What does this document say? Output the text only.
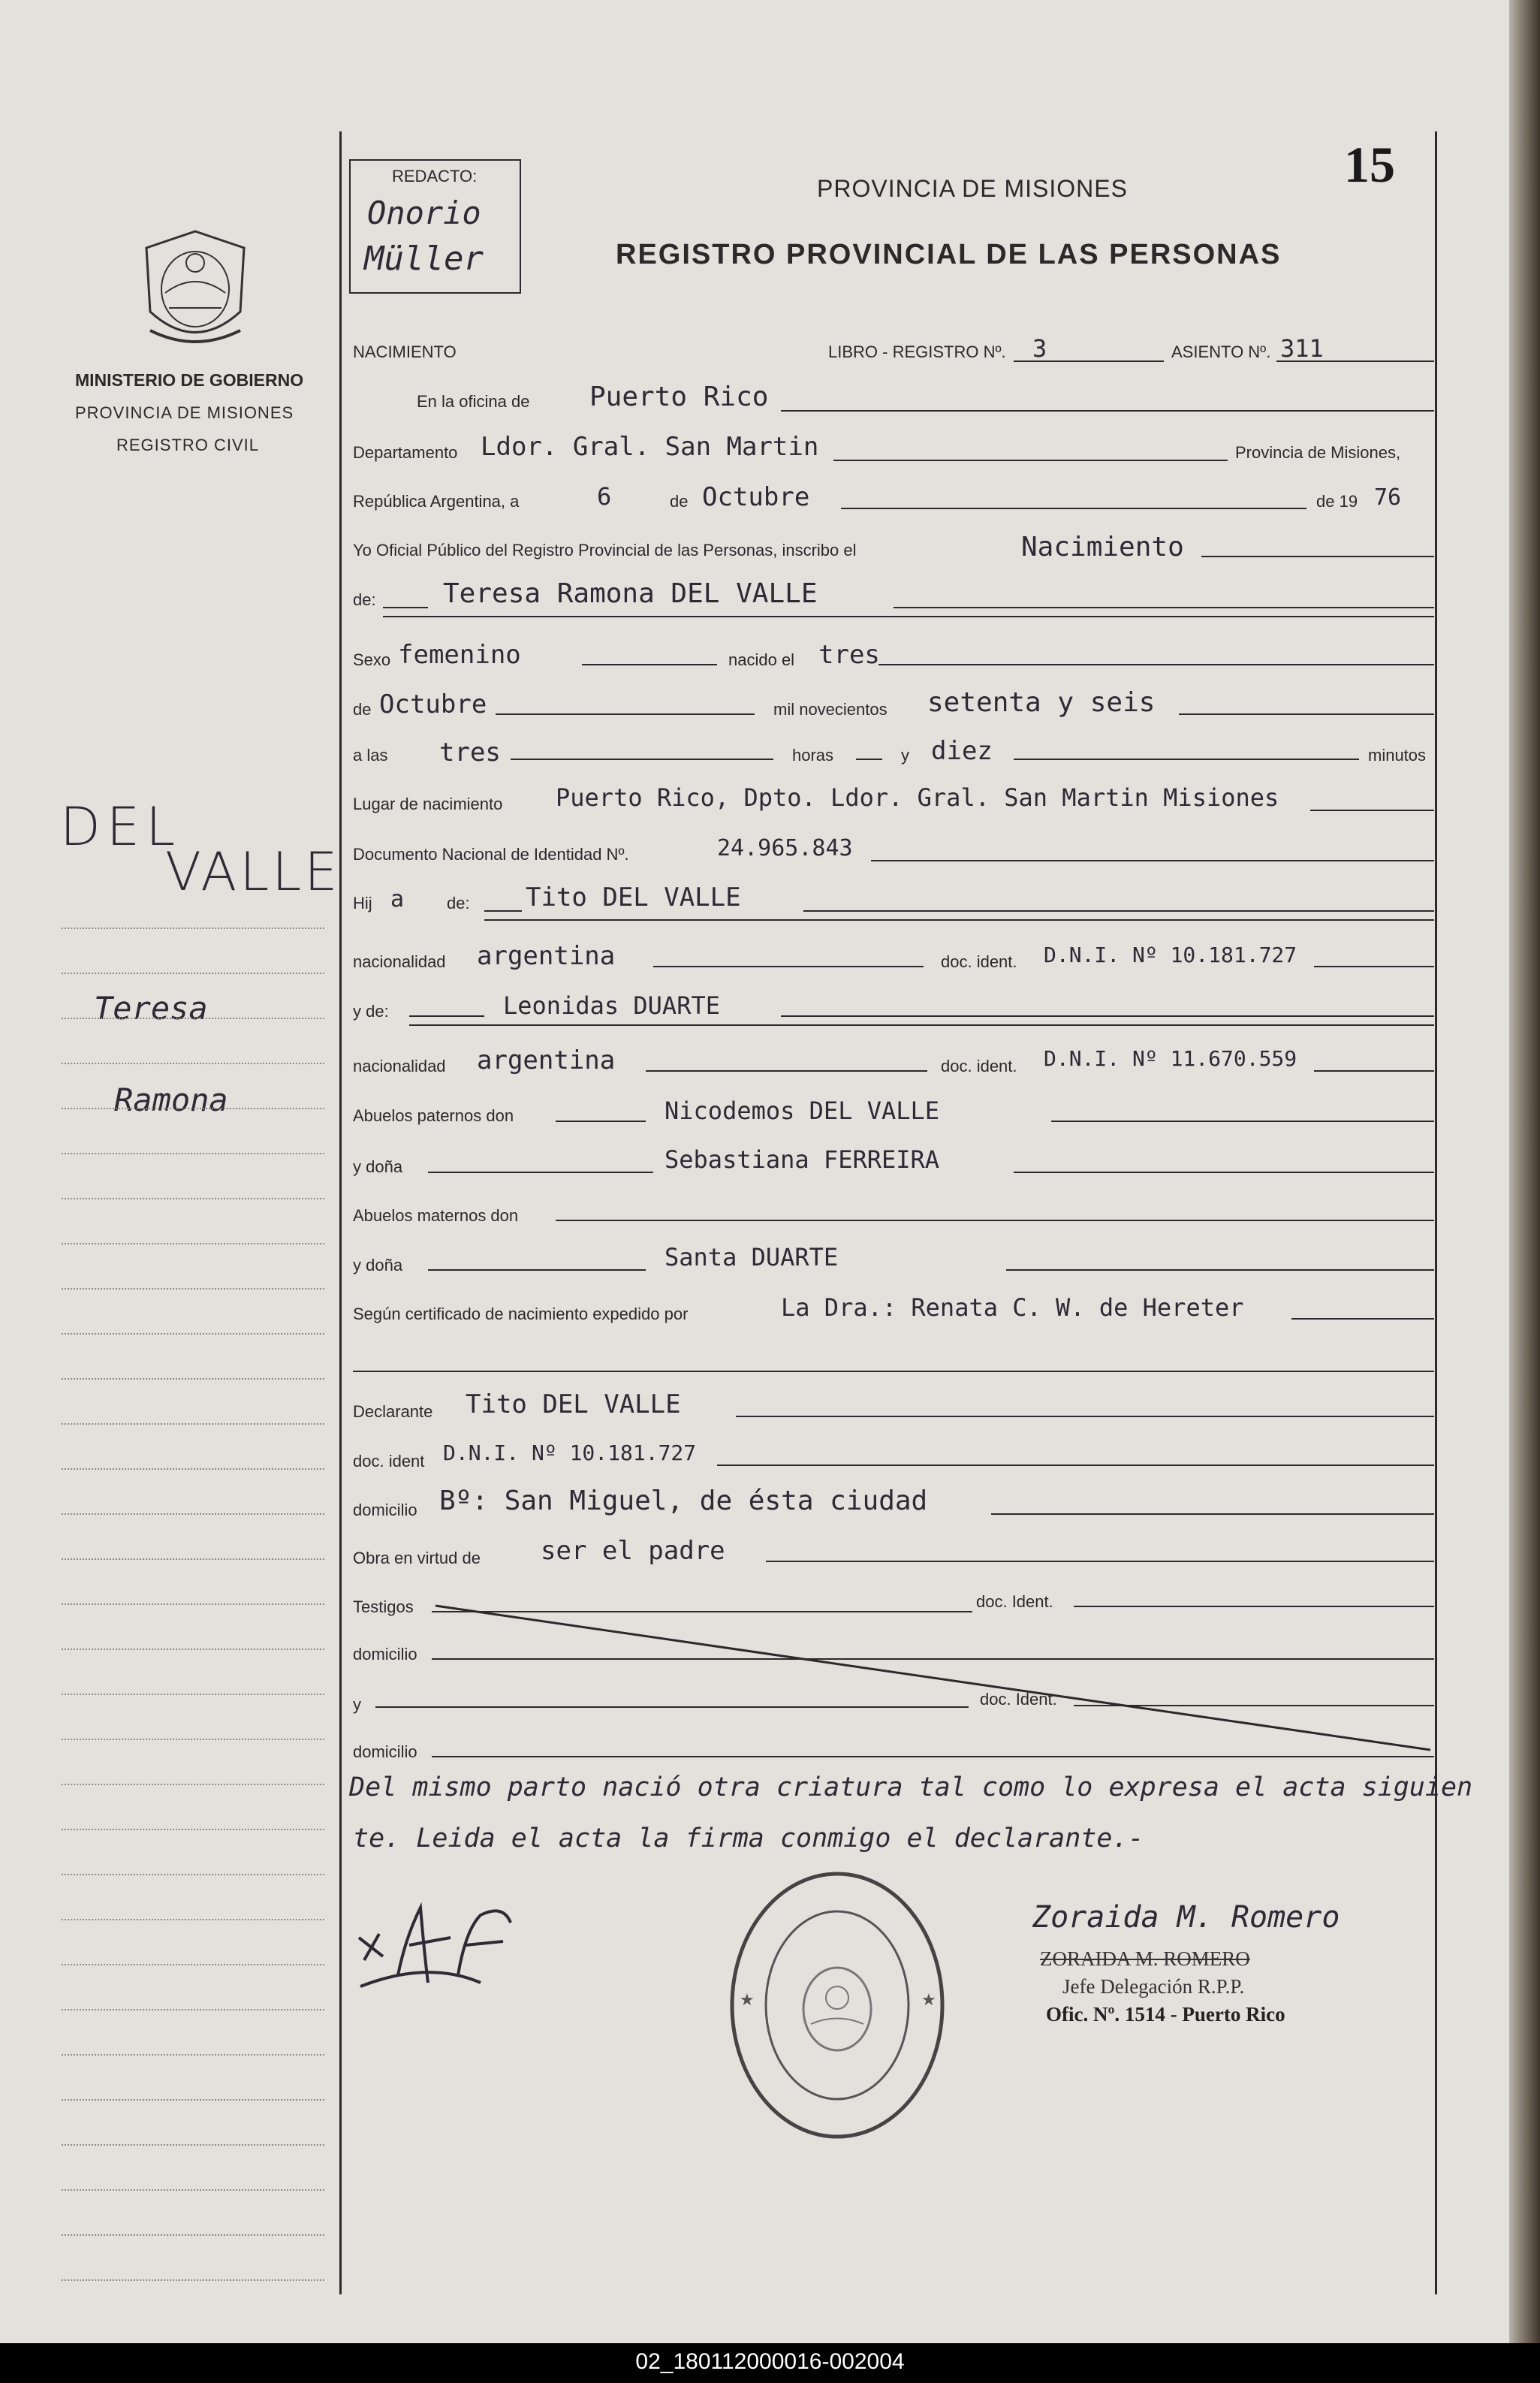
02_180112000016-002004
15
REDACTO:
Onorio
Müller
PROVINCIA DE MISIONES
REGISTRO PROVINCIAL DE LAS PERSONAS
MINISTERIO DE GOBIERNO
PROVINCIA DE MISIONES
REGISTRO CIVIL
DEL
VALLE
Teresa
Ramona
NACIMIENTO	LIBRO - REGISTRO Nº. 3	ASIENTO Nº. 311
En la oficina de Puerto Rico
Departamento Ldor. Gral. San Martin	Provincia de Misiones,
República Argentina, a	6	de Octubre	de 19 76
Yo Oficial Público del Registro Provincial de las Personas, inscribo el	Nacimiento
de: Teresa Ramona DEL VALLE
Sexo femenino	nacido el tres
de Octubre	mil novecientos setenta y seis
a las tres	horas	y diez	minutos
Lugar de nacimiento Puerto Rico, Dpto. Ldor. Gral. San Martin Misiones
Documento Nacional de Identidad Nº.	24.965.843
Hij a	de: Tito DEL VALLE
nacionalidad argentina	doc. ident. D.N.I. Nº 10.181.727
y de:	Leonidas DUARTE
nacionalidad argentina	doc. ident. D.N.I. Nº 11.670.559
Abuelos paternos don	Nicodemos DEL VALLE
y doña	Sebastiana FERREIRA
Abuelos maternos don
y doña	Santa DUARTE
Según certificado de nacimiento expedido por	La Dra.: Renata C. W. de Hereter
Declarante Tito DEL VALLE
doc. ident D.N.I. Nº 10.181.727
domicilio Bº: San Miguel, de ésta ciudad
Obra en virtud de ser el padre
Testigos	doc. Ident.
domicilio
y	doc. Ident.
domicilio
Del mismo parto nació otra criatura tal como lo expresa el acta siguien
te. Leida el acta la firma conmigo el declarante.-
★	★
Zoraida M. Romero
ZORAIDA M. ROMERO
Jefe Delegación R.P.P.
Ofic. Nº. 1514 - Puerto Rico
